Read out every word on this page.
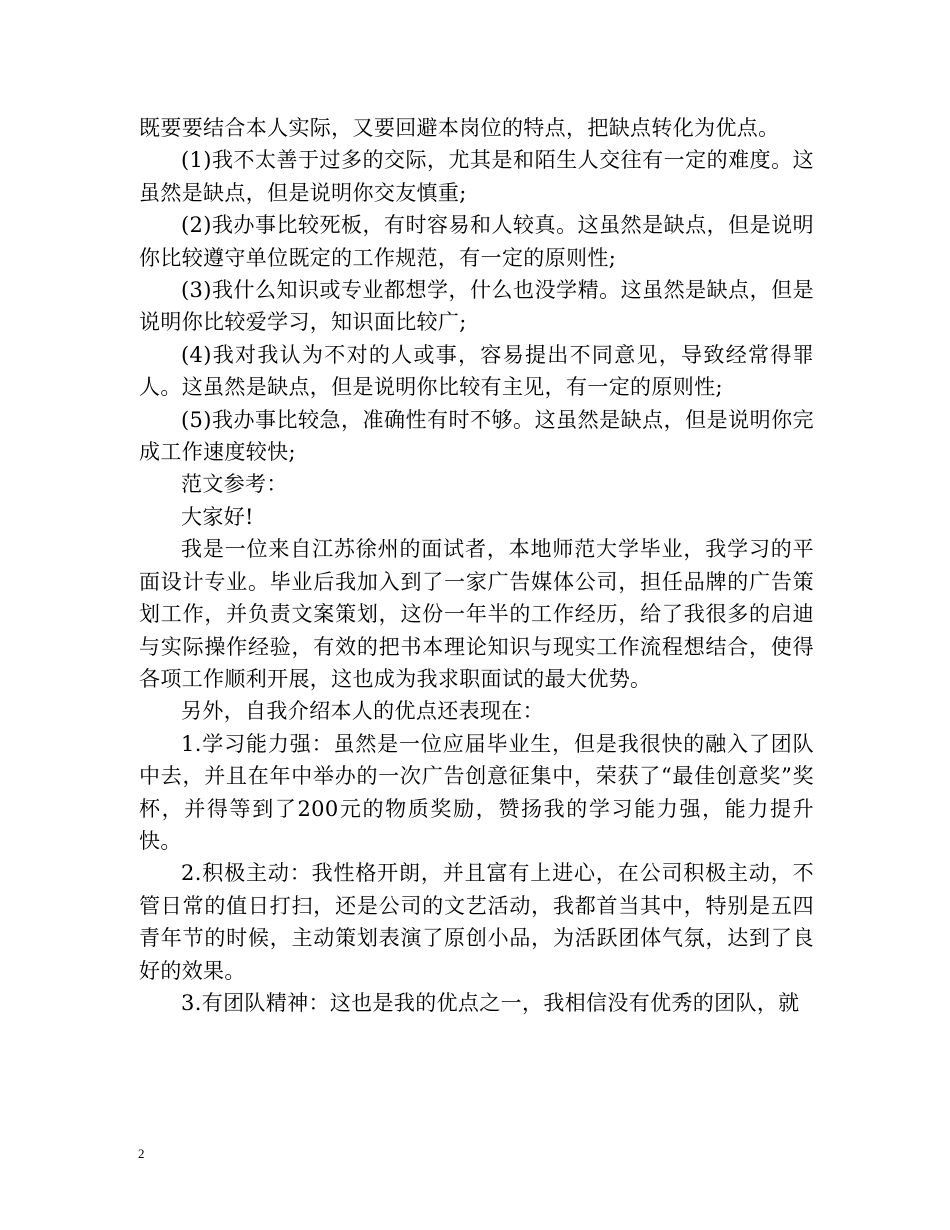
既要要结合本人实际，又要回避本岗位的特点，把缺点转化为优点。

(1)我不太善于过多的交际，尤其是和陌生人交往有一定的难度。这虽然是缺点，但是说明你交友慎重;

(2)我办事比较死板，有时容易和人较真。这虽然是缺点，但是说明你比较遵守单位既定的工作规范，有一定的原则性;

(3)我什么知识或专业都想学，什么也没学精。这虽然是缺点，但是说明你比较爱学习，知识面比较广;

(4)我对我认为不对的人或事，容易提出不同意见，导致经常得罪人。这虽然是缺点，但是说明你比较有主见，有一定的原则性;

(5)我办事比较急，准确性有时不够。这虽然是缺点，但是说明你完成工作速度较快;

范文参考：

大家好!

我是一位来自江苏徐州的面试者，本地师范大学毕业，我学习的平面设计专业。毕业后我加入到了一家广告媒体公司，担任品牌的广告策划工作，并负责文案策划，这份一年半的工作经历，给了我很多的启迪与实际操作经验，有效的把书本理论知识与现实工作流程想结合，使得各项工作顺利开展，这也成为我求职面试的最大优势。

另外，自我介绍本人的优点还表现在：

1.学习能力强：虽然是一位应届毕业生，但是我很快的融入了团队中去，并且在年中举办的一次广告创意征集中，荣获了“最佳创意奖”奖杯，并得等到了200元的物质奖励，赞扬我的学习能力强，能力提升快。

2.积极主动：我性格开朗，并且富有上进心，在公司积极主动，不管日常的值日打扫，还是公司的文艺活动，我都首当其中，特别是五四青年节的时候，主动策划表演了原创小品，为活跃团体气氛，达到了良好的效果。

3.有团队精神：这也是我的优点之一，我相信没有优秀的团队，就

2
